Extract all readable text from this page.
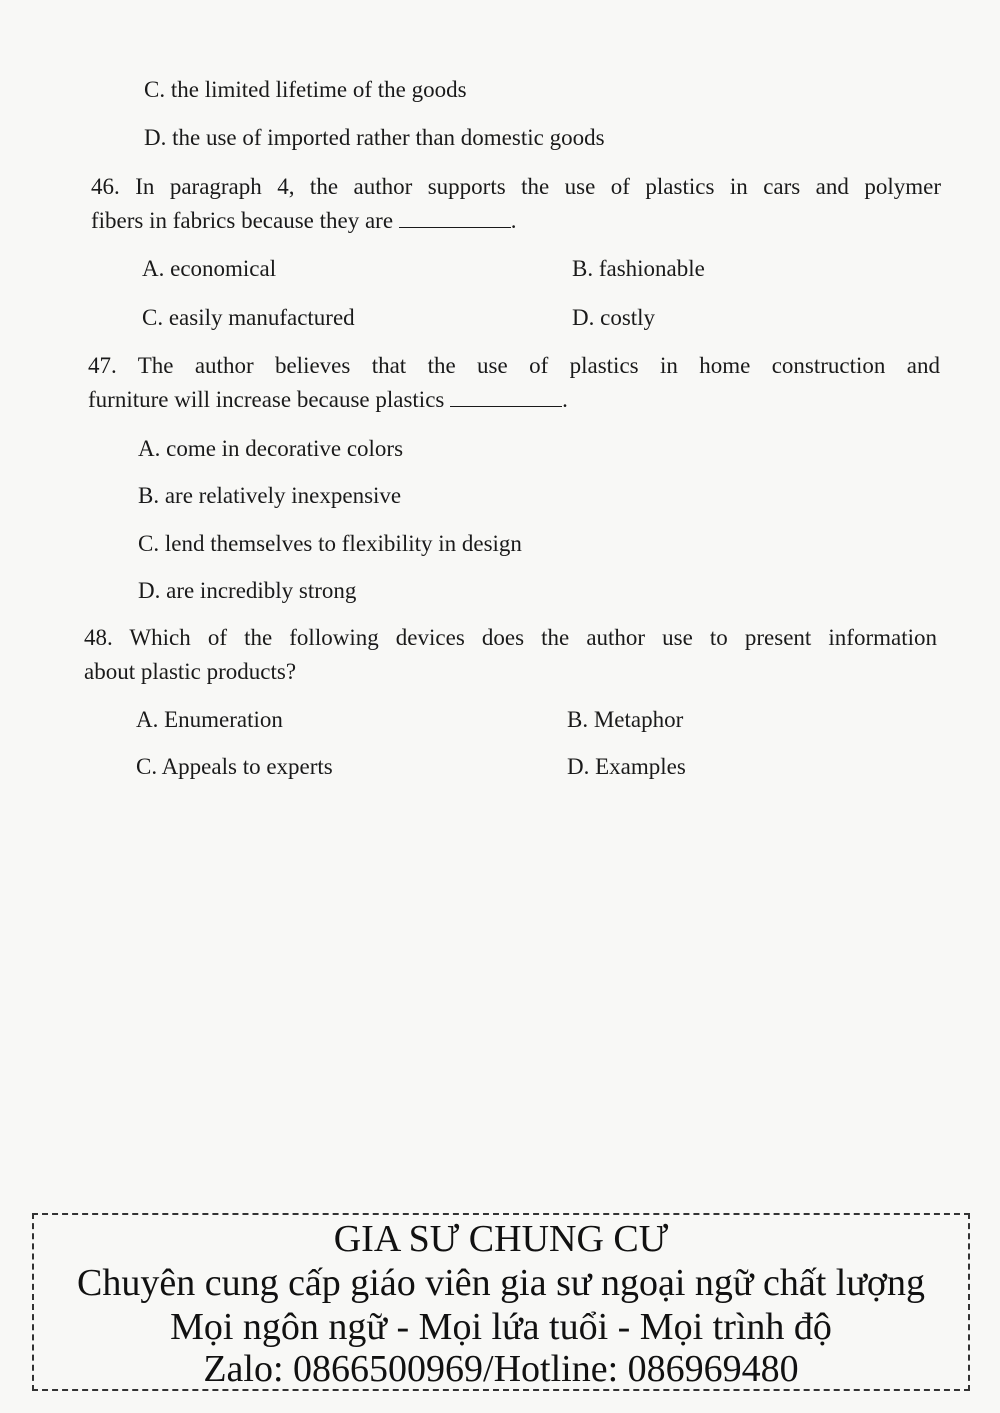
C. the limited lifetime of the goods
D. the use of imported rather than domestic goods
46. In paragraph 4, the author supports the use of plastics in cars and polymer
fibers in fabrics because they are	.
A. economical	B. fashionable
C. easily manufactured	D. costly
47. The author believes that the use of plastics in home construction and
furniture will increase because plastics	.
A. come in decorative colors
B. are relatively inexpensive
C. lend themselves to flexibility in design
D. are incredibly strong
48. Which of the following devices does the author use to present information
about plastic products?
A. Enumeration	B. Metaphor
C. Appeals to experts	D. Examples
GIA SƯ CHUNG CƯ
Chuyên cung cấp giáo viên gia sư ngoại ngữ chất lượng
Mọi ngôn ngữ - Mọi lứa tuổi - Mọi trình độ
Zalo: 0866500969/Hotline: 086969480
